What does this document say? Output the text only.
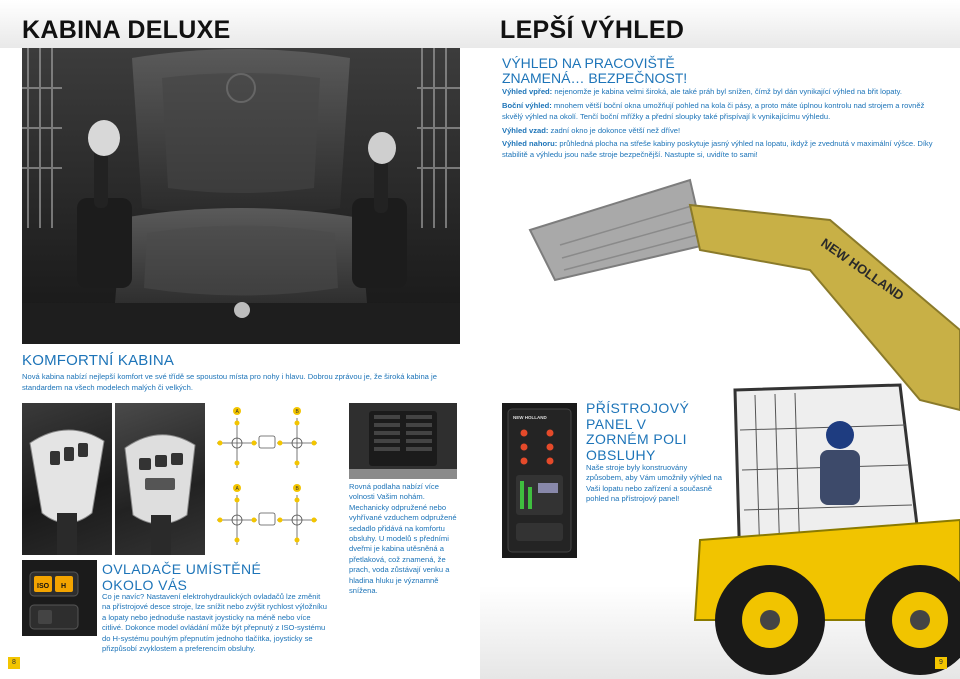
KABINA DELUXE	LEPŠÍ VÝHLED
VÝHLED NA PRACOVIŠTĚ
ZNAMENÁ… BEZPEČNOST!
Výhled vpřed: nejenomže je kabina velmi široká, ale také práh byl snížen, čímž byl dán vynikající výhled na břit lopaty.
Boční výhled: mnohem větší boční okna umožňují pohled na kola či pásy, a proto máte úplnou kontrolu nad strojem a rovněž skvělý výhled na okolí. Tenčí boční mřížky a přední sloupky také přispívají k vynikajícímu výhledu.
Výhled vzad: zadní okno je dokonce větší než dříve!
Výhled nahoru: průhledná plocha na střeše kabiny poskytuje jasný výhled na lopatu, ikdyž je zvednutá v maximální výšce. Díky stabilitě a výhledu jsou naše stroje bezpečnější. Nastupte si, uvidíte to sami!
NEW HOLLAND
KOMFORTNÍ KABINA
Nová kabina nabízí nejlepší komfort ve své třídě se spoustou místa pro nohy i hlavu. Dobrou zprávou je, že široká kabina je standardem na všech modelech malých či velkých.
A	B
A	B
ISO H
OVLADAČE UMÍSTĚNÉ
OKOLO VÁS
Co je navíc? Nastavení elektrohydraulických ovladačů lze změnit na přístrojové desce stroje, lze snížit nebo zvýšit rychlost výložníku a lopaty nebo jednoduše nastavit joysticky na méně nebo více citlivé. Dokonce model ovládání může být přepnutý z ISO-systému do H-systému pouhým přepnutím jednoho tlačítka, joysticky se přizpůsobí zvyklostem a preferencím obsluhy.
Rovná podlaha nabízí více volnosti Vašim nohám. Mechanicky odpružené nebo vyhřívané vzduchem odpružené sedadlo přidává na komfortu obsluhy. U modelů s předními dveřmi je kabina utěsněná a přetlaková, což znamená, že prach, voda zůstávají venku a hladina hluku je významně snížena.
NEW HOLLAND
PŘÍSTROJOVÝ PANEL V ZORNÉM POLI OBSLUHY
Naše stroje byly konstruovány způsobem, aby Vám umožnily výhled na Vaši lopatu nebo zařízení a současně pohled na přístrojový panel!
8	9
